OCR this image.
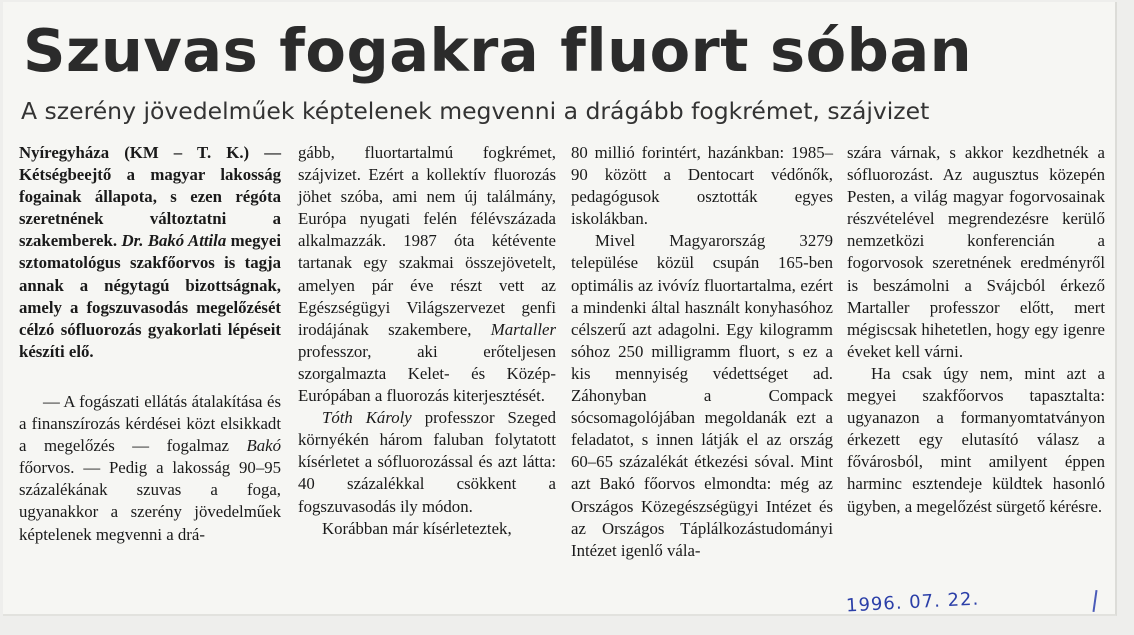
Szuvas fogakra fluort sóban
A szerény jövedelműek képtelenek megvenni a drágább fogkrémet, szájvizet

Nyíregyháza (KM – T. K.) — Kétségbeejtő a magyar lakosság fogainak állapota, s ezen régóta szeretnének változtatni a szakemberek. Dr. Bakó Attila megyei sztomatológus szakfőorvos is tagja annak a négytagú bizottságnak, amely a fogszuvasodás megelőzését célzó sófluorozás gyakorlati lépéseit készíti elő.

— A fogászati ellátás átalakítása és a finanszírozás kérdései közt elsikkadt a megelőzés — fogalmaz Bakó főorvos. — Pedig a lakosság 90–95 százalékának szuvas a foga, ugyanakkor a szerény jövedelműek képtelenek megvenni a drá-

gább, fluortartalmú fogkrémet, szájvizet. Ezért a kollektív fluorozás jöhet szóba, ami nem új találmány, Európa nyugati felén félévszázada alkalmazzák. 1987 óta kétévente tartanak egy szakmai összejövetelt, amelyen pár éve részt vett az Egészségügyi Világszervezet genfi irodájának szakembere, Martaller professzor, aki erőteljesen szorgalmazta Kelet- és Közép-Európában a fluorozás kiterjesztését.

Tóth Károly professzor Szeged környékén három faluban folytatott kísérletet a sófluorozással és azt látta: 40 százalékkal csökkent a fogszuvasodás ily módon.

Korábban már kísérleteztek,

80 millió forintért, hazánkban: 1985–90 között a Dentocart védőnők, pedagógusok osztották egyes iskolákban.

Mivel Magyarország 3279 települése közül csupán 165-ben optimális az ivóvíz fluortartalma, ezért a mindenki által használt konyhasóhoz célszerű azt adagolni. Egy kilogramm sóhoz 250 milligramm fluort, s ez a kis mennyiség védettséget ad. Záhonyban a Compack sócsomagolójában megoldanák ezt a feladatot, s innen látják el az ország 60–65 százalékát étkezési sóval. Mint azt Bakó főorvos elmondta: még az Országos Közegészségügyi Intézet és az Országos Táplálkozástudományi Intézet igenlő vála-

szára várnak, s akkor kezdhetnék a sófluorozást. Az augusztus közepén Pesten, a világ magyar fogorvosainak részvételével megrendezésre kerülő nemzetközi konferencián a fogorvosok szeretnének eredményről is beszámolni a Svájcból érkező Martaller professzor előtt, mert mégiscsak hihetetlen, hogy egy igenre éveket kell várni.

Ha csak úgy nem, mint azt a megyei szakfőorvos tapasztalta: ugyanazon a formanyomtatványon érkezett egy elutasító válasz a fővárosból, mint amilyent éppen harminc esztendeje küldtek hasonló ügyben, a megelőzést sürgető kérésre.

1996. 07. 22.
